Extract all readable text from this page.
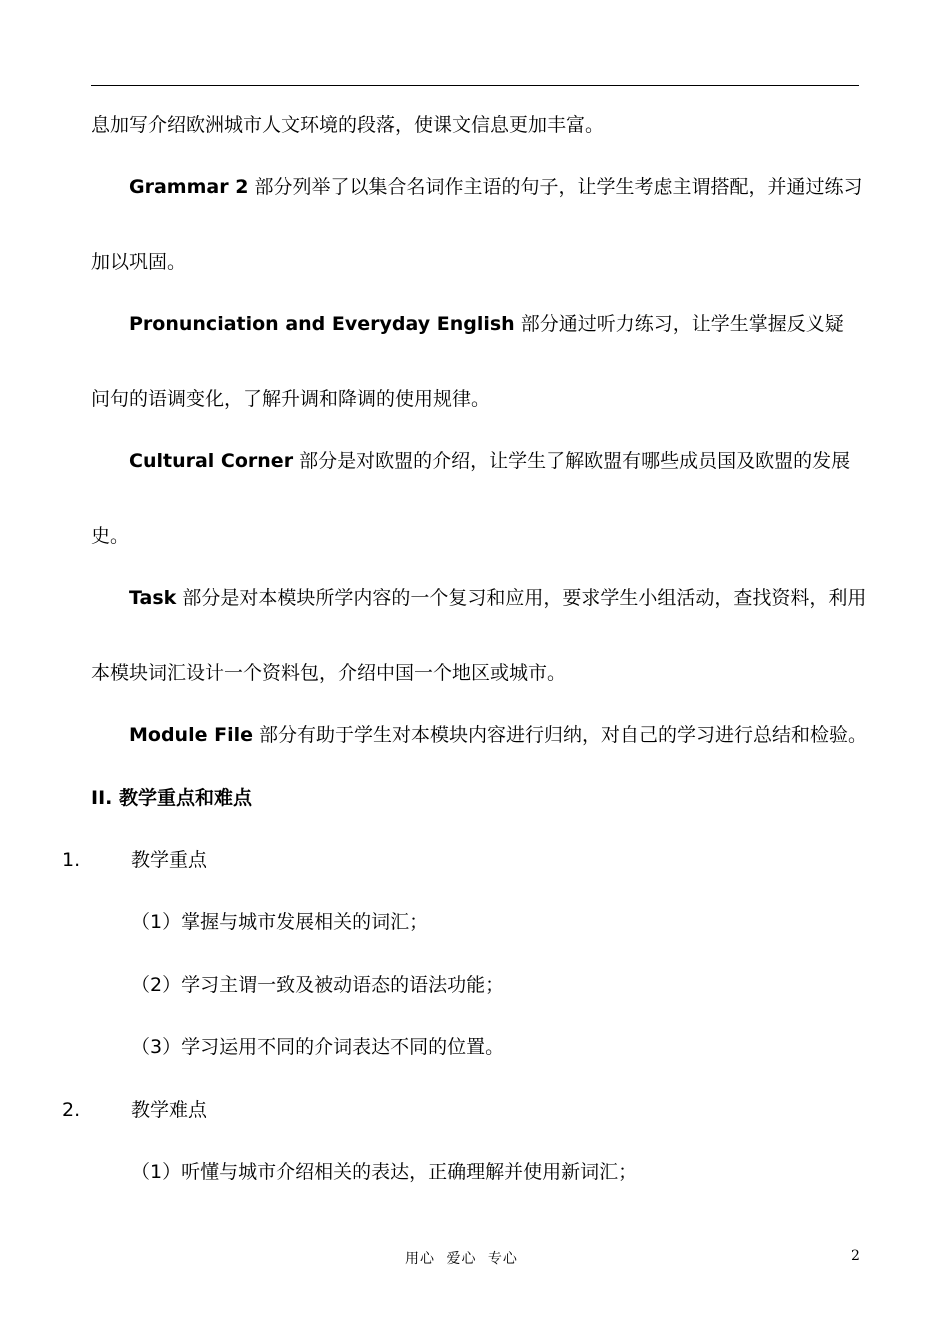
息加写介绍欧洲城市人文环境的段落，使课文信息更加丰富。
Grammar 2 部分列举了以集合名词作主语的句子，让学生考虑主谓搭配，并通过练习
加以巩固。
Pronunciation and Everyday English 部分通过听力练习，让学生掌握反义疑
问句的语调变化，了解升调和降调的使用规律。
Cultural Corner 部分是对欧盟的介绍，让学生了解欧盟有哪些成员国及欧盟的发展
史。
Task 部分是对本模块所学内容的一个复习和应用，要求学生小组活动，查找资料，利用
本模块词汇设计一个资料包，介绍中国一个地区或城市。
Module File 部分有助于学生对本模块内容进行归纳，对自己的学习进行总结和检验。
II. 教学重点和难点
1.	教学重点
（1）掌握与城市发展相关的词汇；
（2）学习主谓一致及被动语态的语法功能；
（3）学习运用不同的介词表达不同的位置。
2.	教学难点
（1）听懂与城市介绍相关的表达，正确理解并使用新词汇；
用心 爱心 专心	2
